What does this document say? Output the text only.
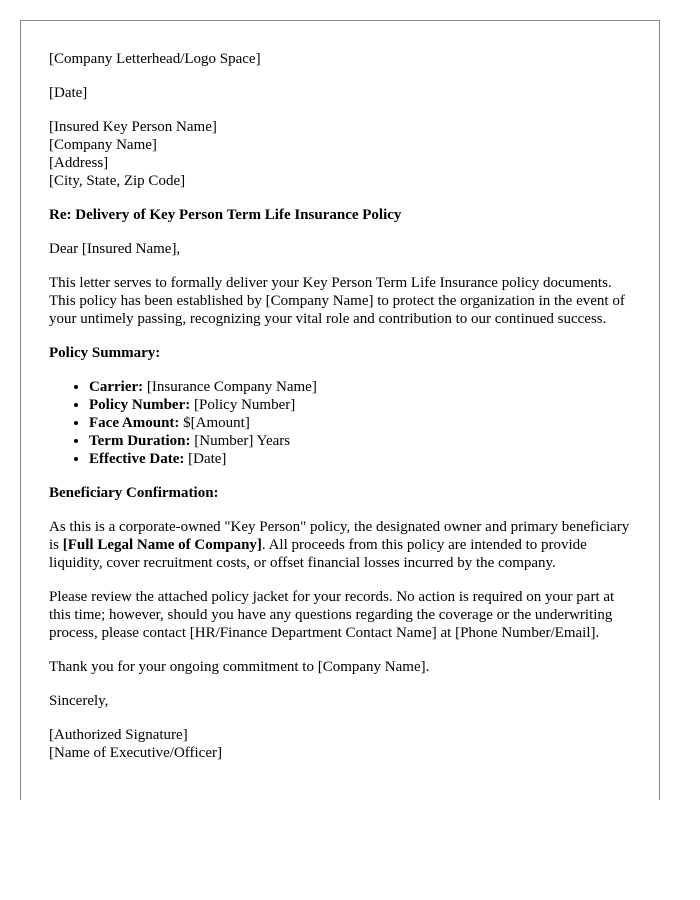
[Company Letterhead/Logo Space]
[Date]
[Insured Key Person Name]
[Company Name]
[Address]
[City, State, Zip Code]
Re: Delivery of Key Person Term Life Insurance Policy
Dear [Insured Name],
This letter serves to formally deliver your Key Person Term Life Insurance policy documents. This policy has been established by [Company Name] to protect the organization in the event of your untimely passing, recognizing your vital role and contribution to our continued success.
Policy Summary:
• Carrier: [Insurance Company Name]
• Policy Number: [Policy Number]
• Face Amount: $[Amount]
• Term Duration: [Number] Years
• Effective Date: [Date]
Beneficiary Confirmation:
As this is a corporate-owned "Key Person" policy, the designated owner and primary beneficiary is [Full Legal Name of Company]. All proceeds from this policy are intended to provide liquidity, cover recruitment costs, or offset financial losses incurred by the company.
Please review the attached policy jacket for your records. No action is required on your part at this time; however, should you have any questions regarding the coverage or the underwriting process, please contact [HR/Finance Department Contact Name] at [Phone Number/Email].
Thank you for your ongoing commitment to [Company Name].
Sincerely,
[Authorized Signature]
[Name of Executive/Officer]
